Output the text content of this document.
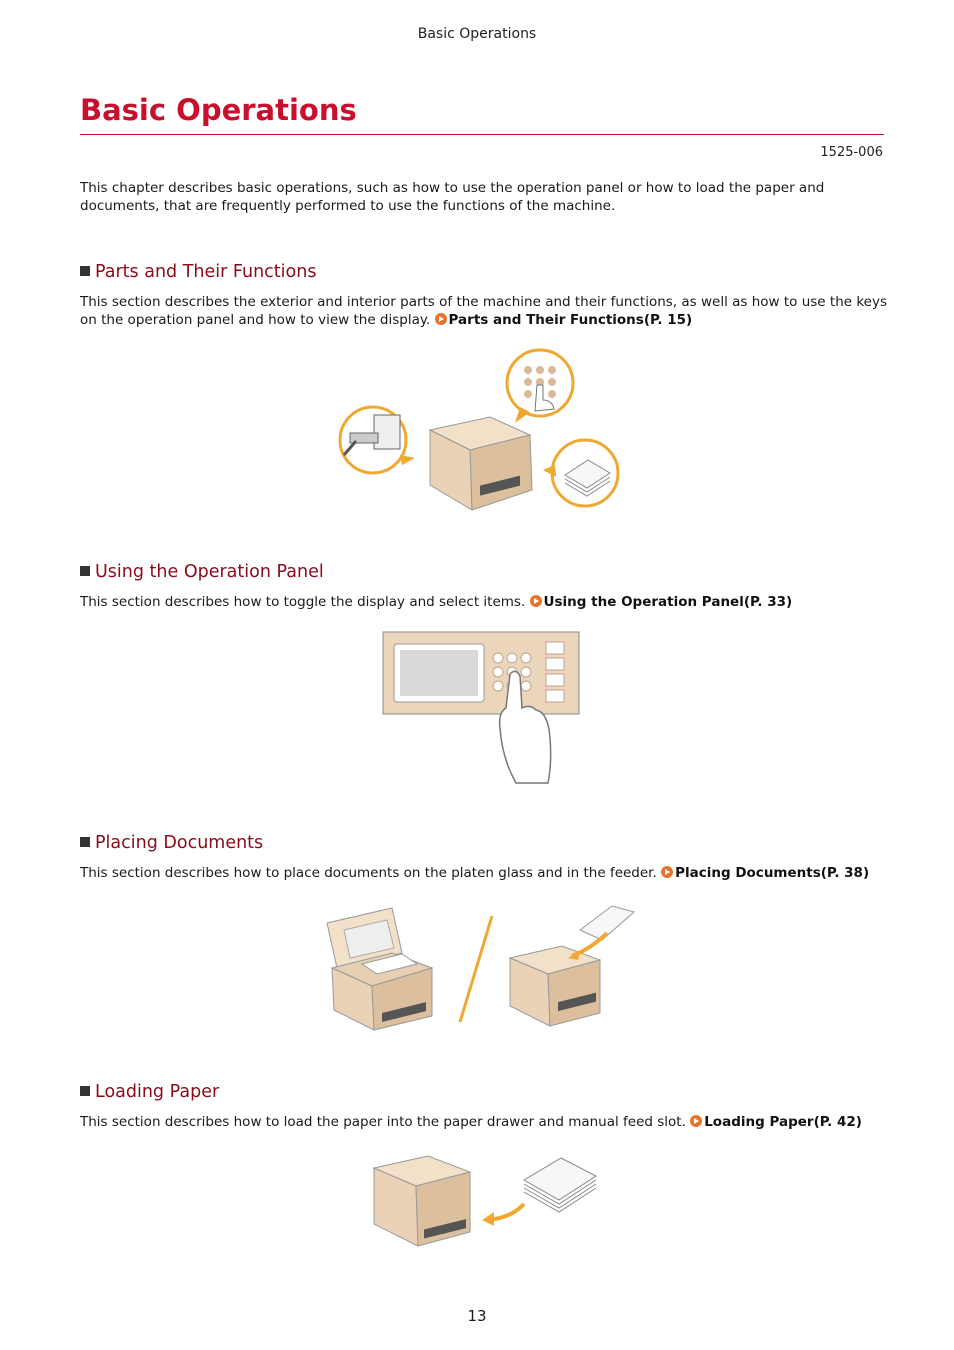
Basic Operations
Basic Operations
1525-006

This chapter describes basic operations, such as how to use the operation panel or how to load the paper and documents, that are frequently performed to use the functions of the machine.

Parts and Their Functions

This section describes the exterior and interior parts of the machine and their functions, as well as how to use the keys on the operation panel and how to view the display. Parts and Their Functions(P. 15)

Using the Operation Panel

This section describes how to toggle the display and select items. Using the Operation Panel(P. 33)

Placing Documents

This section describes how to place documents on the platen glass and in the feeder. Placing Documents(P. 38)

Loading Paper

This section describes how to load the paper into the paper drawer and manual feed slot. Loading Paper(P. 42)

13
